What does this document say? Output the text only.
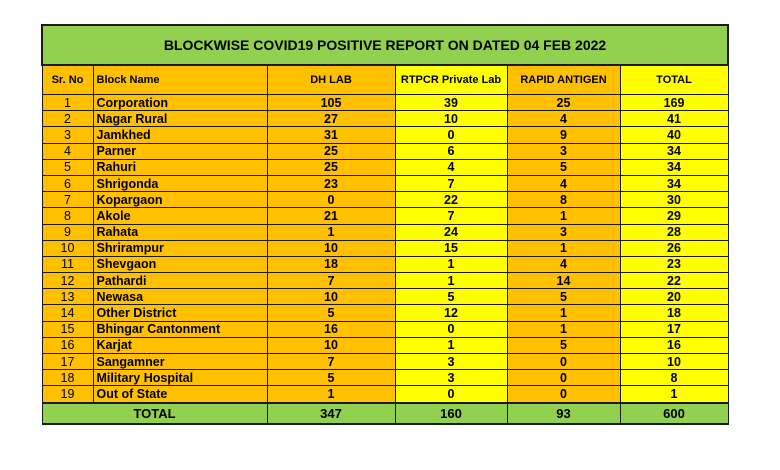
BLOCKWISE COVID19 POSITIVE REPORT ON DATED 04 FEB 2022					
Sr. No	Block Name	DH LAB	RTPCR Private Lab	RAPID ANTIGEN	TOTAL
1	Corporation	105	39	25	169
2	Nagar Rural	27	10	4	41
3	Jamkhed	31	0	9	40
4	Parner	25	6	3	34
5	Rahuri	25	4	5	34
6	Shrigonda	23	7	4	34
7	Kopargaon	0	22	8	30
8	Akole	21	7	1	29
9	Rahata	1	24	3	28
10	Shrirampur	10	15	1	26
11	Shevgaon	18	1	4	23
12	Pathardi	7	1	14	22
13	Newasa	10	5	5	20
14	Other District	5	12	1	18
15	Bhingar Cantonment	16	0	1	17
16	Karjat	10	1	5	16
17	Sangamner	7	3	0	10
18	Military Hospital	5	3	0	8
19	Out of State	1	0	0	1
TOTAL		347	160	93	600
